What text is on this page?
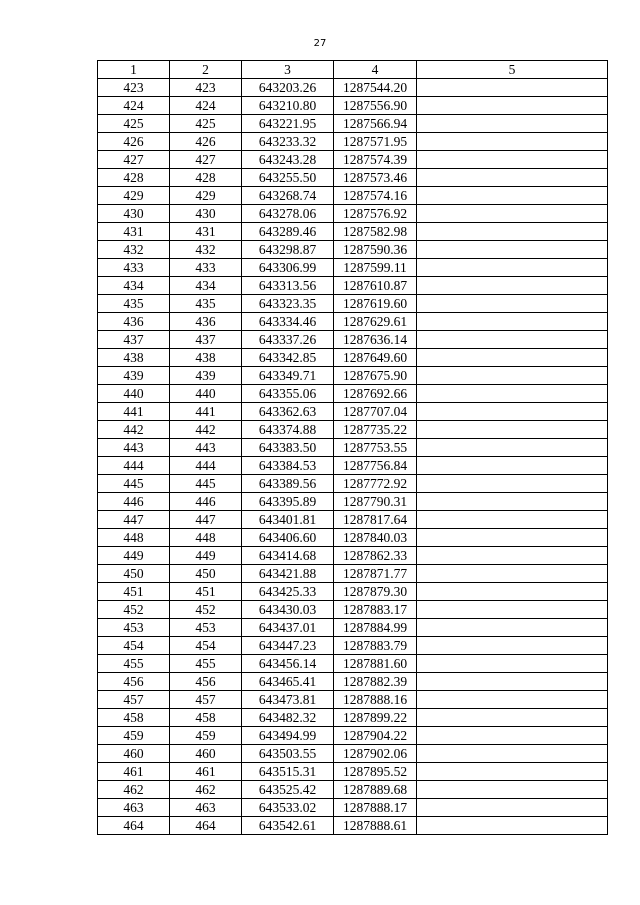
27
1	2	3	4	5
423	423	643203.26	1287544.20	
424	424	643210.80	1287556.90	
425	425	643221.95	1287566.94	
426	426	643233.32	1287571.95	
427	427	643243.28	1287574.39	
428	428	643255.50	1287573.46	
429	429	643268.74	1287574.16	
430	430	643278.06	1287576.92	
431	431	643289.46	1287582.98	
432	432	643298.87	1287590.36	
433	433	643306.99	1287599.11	
434	434	643313.56	1287610.87	
435	435	643323.35	1287619.60	
436	436	643334.46	1287629.61	
437	437	643337.26	1287636.14	
438	438	643342.85	1287649.60	
439	439	643349.71	1287675.90	
440	440	643355.06	1287692.66	
441	441	643362.63	1287707.04	
442	442	643374.88	1287735.22	
443	443	643383.50	1287753.55	
444	444	643384.53	1287756.84	
445	445	643389.56	1287772.92	
446	446	643395.89	1287790.31	
447	447	643401.81	1287817.64	
448	448	643406.60	1287840.03	
449	449	643414.68	1287862.33	
450	450	643421.88	1287871.77	
451	451	643425.33	1287879.30	
452	452	643430.03	1287883.17	
453	453	643437.01	1287884.99	
454	454	643447.23	1287883.79	
455	455	643456.14	1287881.60	
456	456	643465.41	1287882.39	
457	457	643473.81	1287888.16	
458	458	643482.32	1287899.22	
459	459	643494.99	1287904.22	
460	460	643503.55	1287902.06	
461	461	643515.31	1287895.52	
462	462	643525.42	1287889.68	
463	463	643533.02	1287888.17	
464	464	643542.61	1287888.61	
